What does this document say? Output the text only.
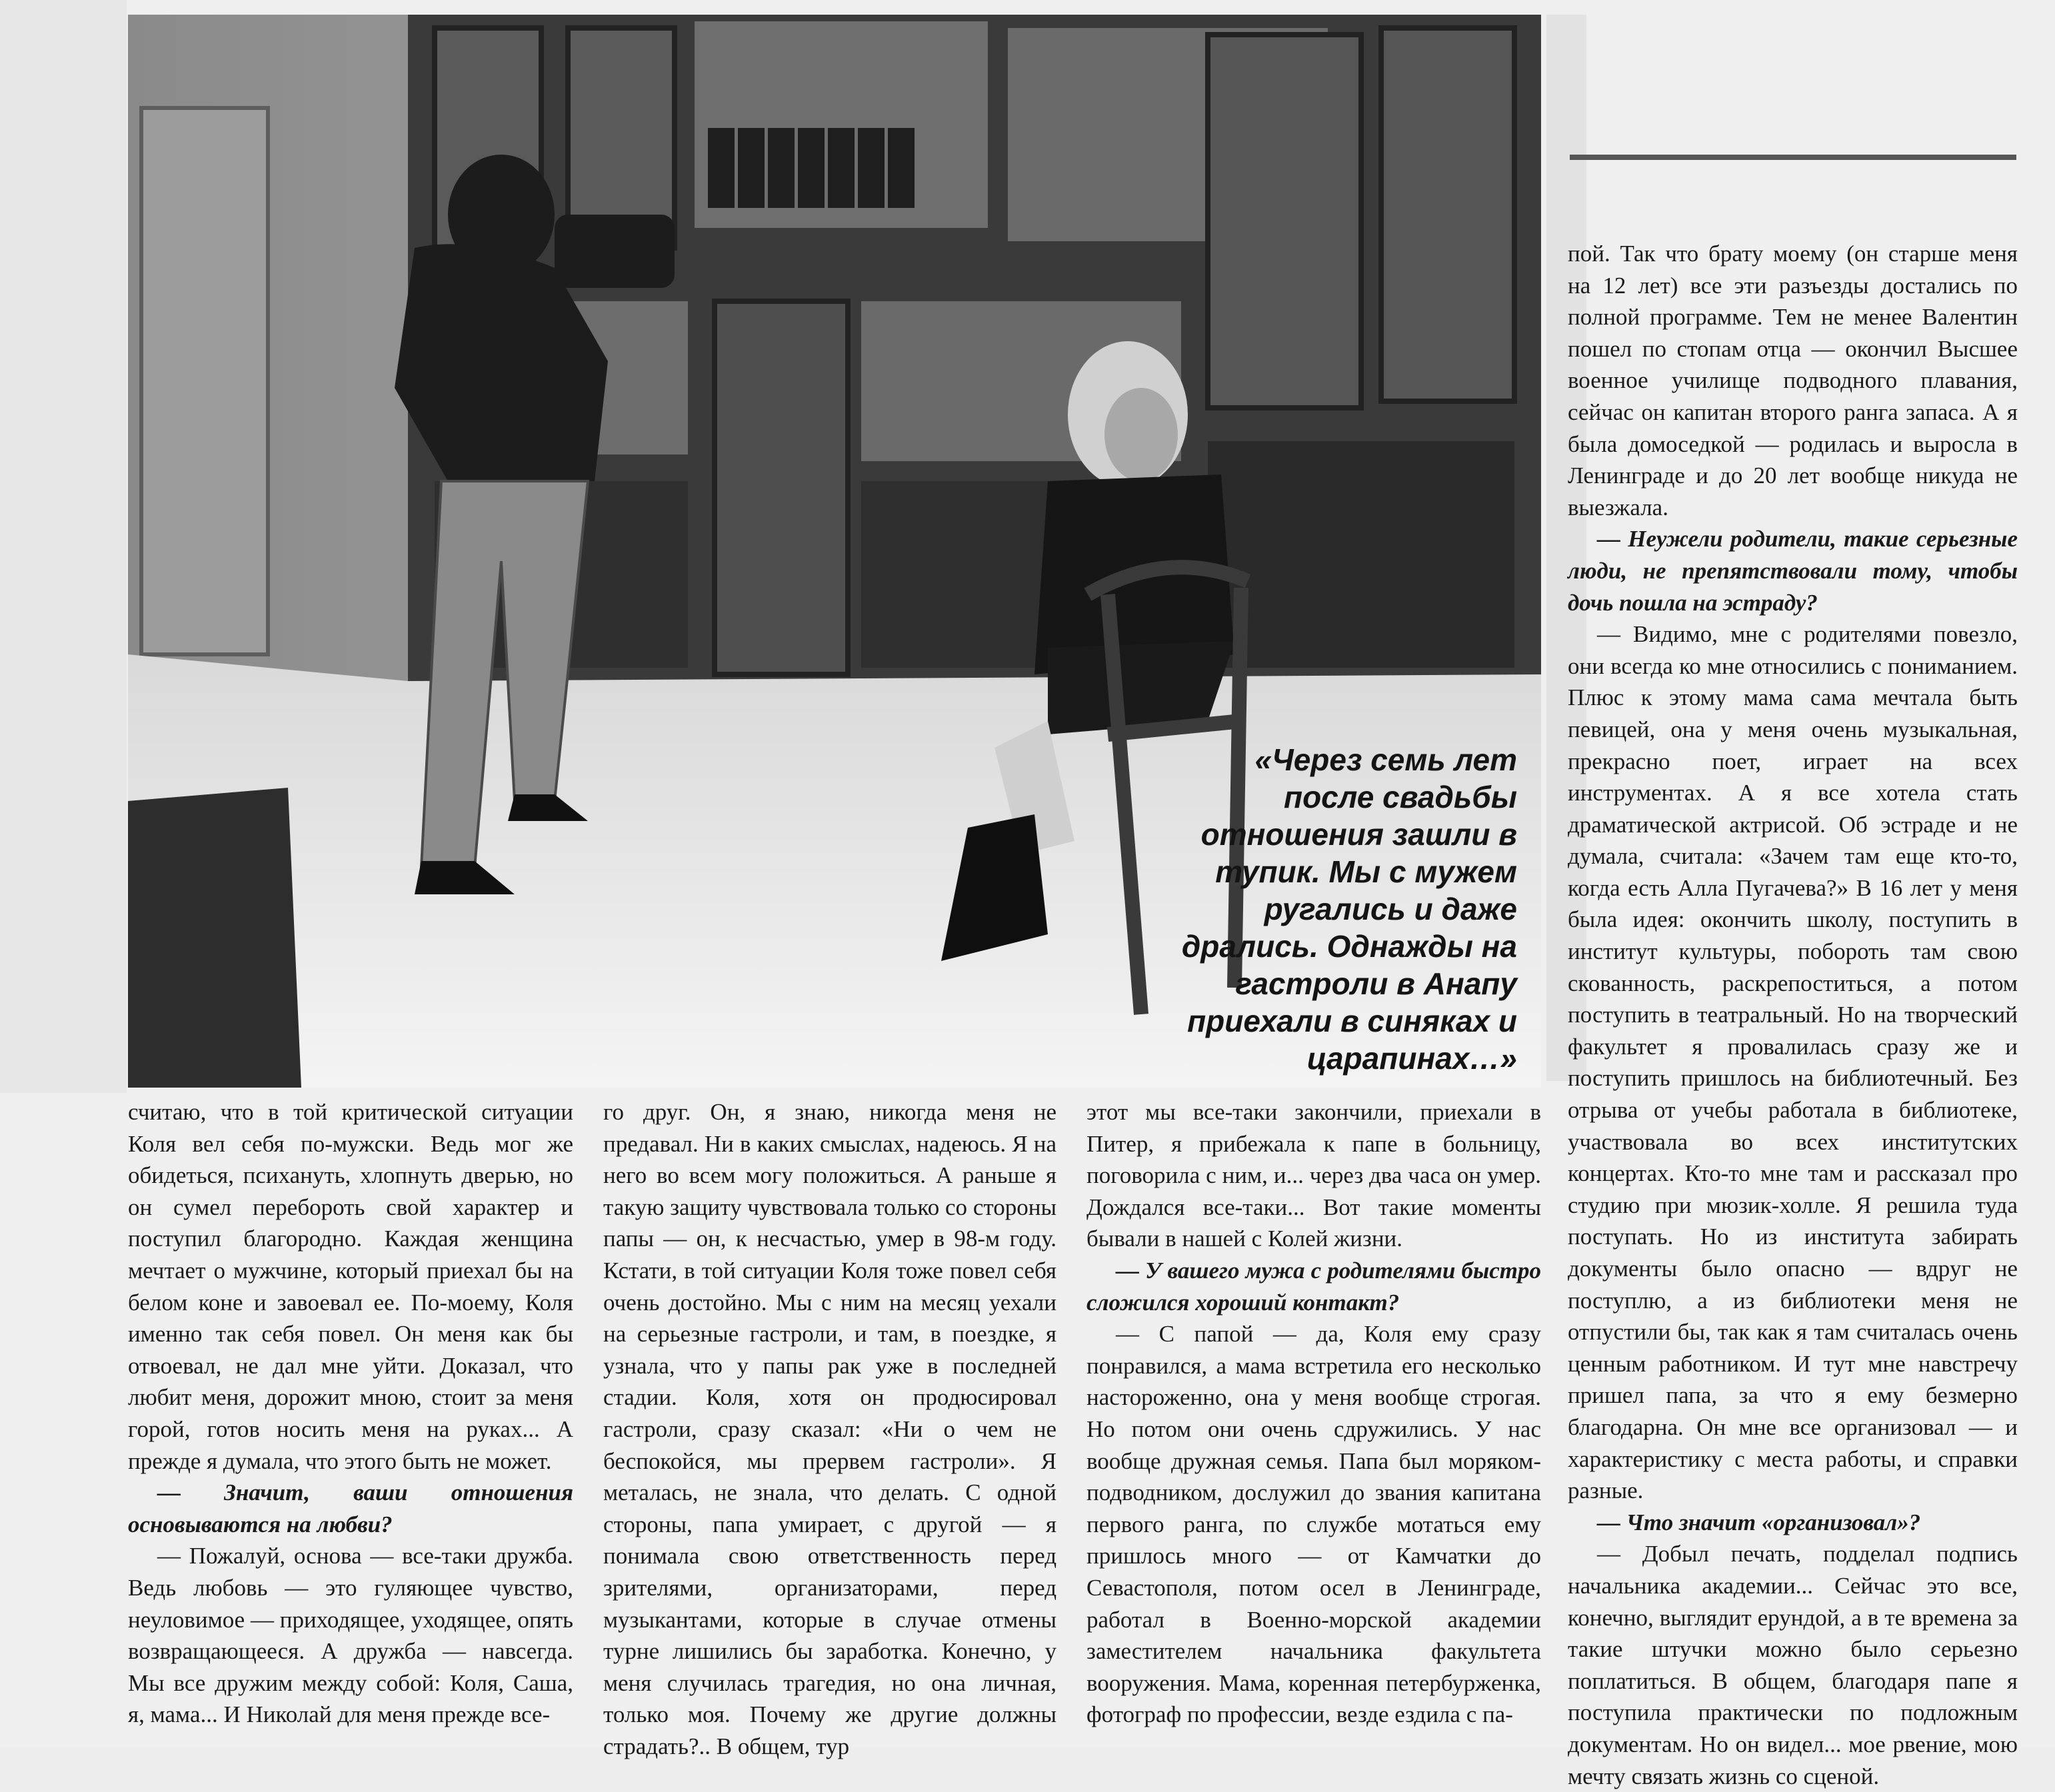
«Через семь лет после свадьбы отношения зашли в тупик. Мы с мужем ругались и даже дрались. Однажды на гастроли в Анапу приехали в синяках и царапинах…»

считаю, что в той критической ситуации Коля вел себя по-мужски. Ведь мог же обидеться, психануть, хлопнуть дверью, но он сумел перебороть свой характер и поступил благородно. Каждая женщина мечтает о мужчине, который приехал бы на белом коне и завоевал ее. По-моему, Коля именно так себя повел. Он меня как бы отвоевал, не дал мне уйти. Доказал, что любит меня, дорожит мною, стоит за меня горой, готов носить меня на руках... А прежде я думала, что этого быть не может.

— Значит, ваши отношения основываются на любви?

— Пожалуй, основа — все-таки дружба. Ведь любовь — это гуляющее чувство, неуловимое — приходящее, уходящее, опять возвращающееся. А дружба — навсегда. Мы все дружим между собой: Коля, Саша, я, мама... И Николай для меня прежде все-

го друг. Он, я знаю, никогда меня не предавал. Ни в каких смыслах, надеюсь. Я на него во всем могу положиться. А раньше я такую защиту чувствовала только со стороны папы — он, к несчастью, умер в 98-м году. Кстати, в той ситуации Коля тоже повел себя очень достойно. Мы с ним на месяц уехали на серьезные гастроли, и там, в поездке, я узнала, что у папы рак уже в последней стадии. Коля, хотя он продюсировал гастроли, сразу сказал: «Ни о чем не беспокойся, мы прервем гастроли». Я металась, не знала, что делать. С одной стороны, папа умирает, с другой — я понимала свою ответственность перед зрителями, организаторами, перед музыкантами, которые в случае отмены турне лишились бы заработка. Конечно, у меня случилась трагедия, но она личная, только моя. Почему же другие должны страдать?.. В общем, тур

этот мы все-таки закончили, приехали в Питер, я прибежала к папе в больницу, поговорила с ним, и... через два часа он умер. Дождался все-таки... Вот такие моменты бывали в нашей с Колей жизни.

— У вашего мужа с родителями быстро сложился хороший контакт?

— С папой — да, Коля ему сразу понравился, а мама встретила его несколько настороженно, она у меня вообще строгая. Но потом они очень сдружились. У нас вообще дружная семья. Папа был моряком-подводником, дослужил до звания капитана первого ранга, по службе мотаться ему пришлось много — от Камчатки до Севастополя, потом осел в Ленинграде, работал в Военно-морской академии заместителем начальника факультета вооружения. Мама, коренная петербурженка, фотограф по профессии, везде ездила с па-

пой. Так что брату моему (он старше меня на 12 лет) все эти разъезды достались по полной программе. Тем не менее Валентин пошел по стопам отца — окончил Высшее военное училище подводного плавания, сейчас он капитан второго ранга запаса. А я была домоседкой — родилась и выросла в Ленинграде и до 20 лет вообще никуда не выезжала.

— Неужели родители, такие серьезные люди, не препятствовали тому, чтобы дочь пошла на эстраду?

— Видимо, мне с родителями повезло, они всегда ко мне относились с пониманием. Плюс к этому мама сама мечтала быть певицей, она у меня очень музыкальная, прекрасно поет, играет на всех инструментах. А я все хотела стать драматической актрисой. Об эстраде и не думала, считала: «Зачем там еще кто-то, когда есть Алла Пугачева?» В 16 лет у меня была идея: окончить школу, поступить в институт культуры, побороть там свою скованность, раскрепоститься, а потом поступить в театральный. Но на творческий факультет я провалилась сразу же и поступить пришлось на библиотечный. Без отрыва от учебы работала в библиотеке, участвовала во всех институтских концертах. Кто-то мне там и рассказал про студию при мюзик-холле. Я решила туда поступать. Но из института забирать документы было опасно — вдруг не поступлю, а из библиотеки меня не отпустили бы, так как я там считалась очень ценным работником. И тут мне навстречу пришел папа, за что я ему безмерно благодарна. Он мне все организовал — и характеристику с места работы, и справки разные.

— Что значит «организовал»?

— Добыл печать, подделал подпись начальника академии... Сейчас это все, конечно, выглядит ерундой, а в те времена за такие штучки можно было серьезно поплатиться. В общем, благодаря папе я поступила практически по подложным документам. Но он видел... мое рвение, мою мечту связать жизнь со сценой.
